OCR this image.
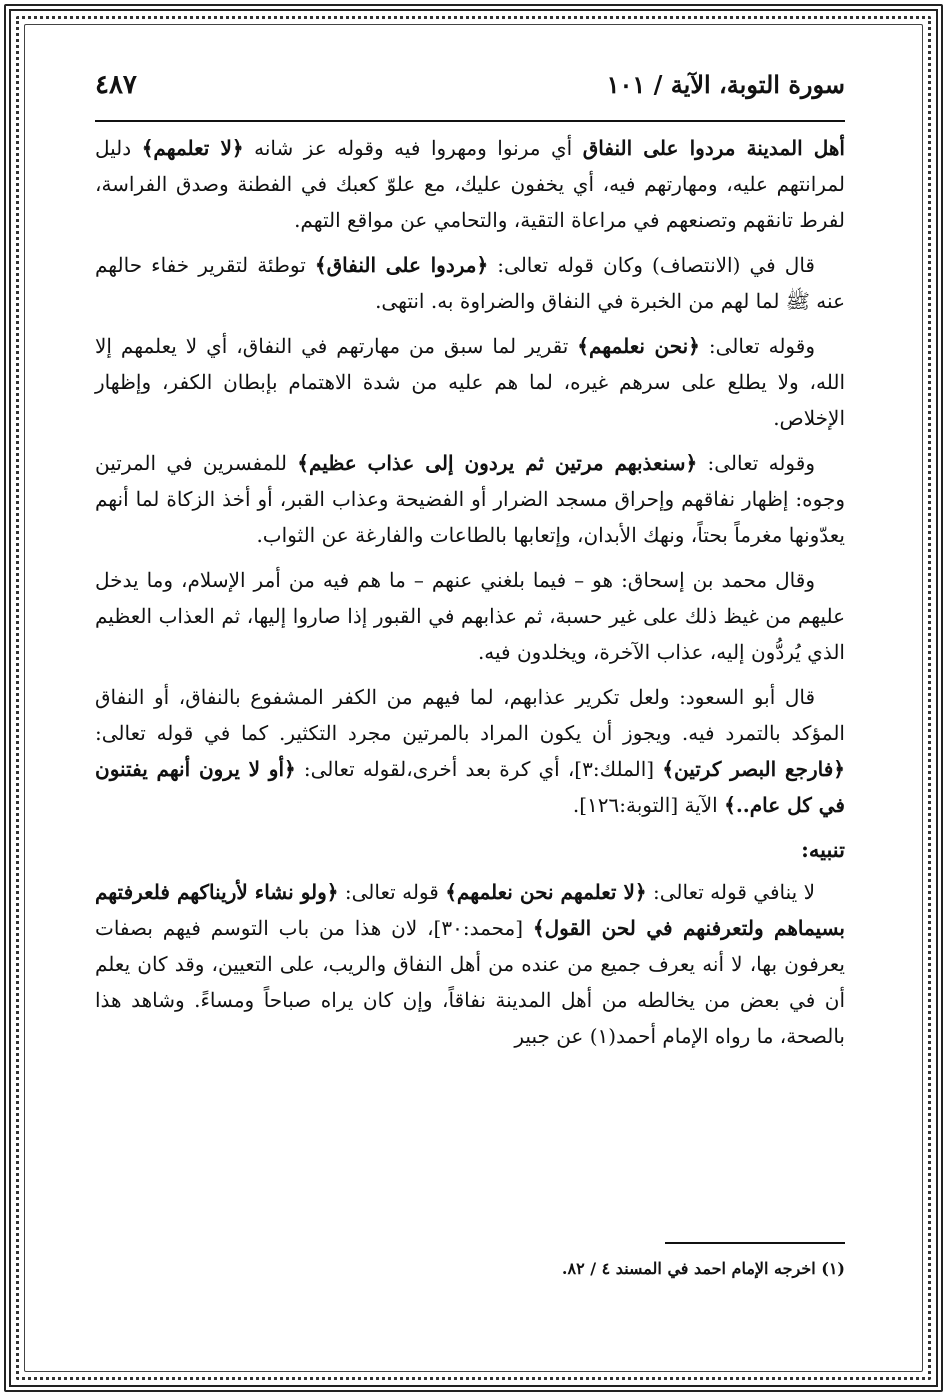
سورة التوبة، الآية / ١٠١
٤٨٧

أهل المدينة مردوا على النفاق أي مرنوا ومهروا فيه وقوله عز شانه ﴿لا تعلمهم﴾ دليل لمرانتهم عليه، ومهارتهم فيه، أي يخفون عليك، مع علوّ كعبك في الفطنة وصدق الفراسة، لفرط تانقهم وتصنعهم في مراعاة التقية، والتحامي عن مواقع التهم.

قال في (الانتصاف) وكان قوله تعالى: ﴿مردوا على النفاق﴾ توطئة لتقرير خفاء حالهم عنه ﷺ لما لهم من الخبرة في النفاق والضراوة به. انتهى.

وقوله تعالى: ﴿نحن نعلمهم﴾ تقرير لما سبق من مهارتهم في النفاق، أي لا يعلمهم إلا الله، ولا يطلع على سرهم غيره، لما هم عليه من شدة الاهتمام بإبطان الكفر، وإظهار الإخلاص.

وقوله تعالى: ﴿سنعذبهم مرتين ثم يردون إلى عذاب عظيم﴾ للمفسرين في المرتين وجوه: إظهار نفاقهم وإحراق مسجد الضرار أو الفضيحة وعذاب القبر، أو أخذ الزكاة لما أنهم يعدّونها مغرماً بحتاً، ونهك الأبدان، وإتعابها بالطاعات والفارغة عن الثواب.

وقال محمد بن إسحاق: هو – فيما بلغني عنهم – ما هم فيه من أمر الإسلام، وما يدخل عليهم من غيظ ذلك على غير حسبة، ثم عذابهم في القبور إذا صاروا إليها، ثم العذاب العظيم الذي يُردُّون إليه، عذاب الآخرة، ويخلدون فيه.

قال أبو السعود: ولعل تكرير عذابهم، لما فيهم من الكفر المشفوع بالنفاق، أو النفاق المؤكد بالتمرد فيه. ويجوز أن يكون المراد بالمرتين مجرد التكثير. كما في قوله تعالى: ﴿فارجع البصر كرتين﴾ [الملك:٣]، أي كرة بعد أخرى،لقوله تعالى: ﴿أو لا يرون أنهم يفتنون في كل عام..﴾ الآية [التوبة:١٢٦].

تنبيه:

لا ينافي قوله تعالى: ﴿لا تعلمهم نحن نعلمهم﴾ قوله تعالى: ﴿ولو نشاء لأريناكهم فلعرفتهم بسيماهم ولتعرفنهم في لحن القول﴾ [محمد:٣٠]، لان هذا من باب التوسم فيهم بصفات يعرفون بها، لا أنه يعرف جميع من عنده من أهل النفاق والريب، على التعيين، وقد كان يعلم أن في بعض من يخالطه من أهل المدينة نفاقاً، وإن كان يراه صباحاً ومساءً. وشاهد هذا بالصحة، ما رواه الإمام أحمد(١) عن جبير

(١) اخرجه الإمام احمد في المسند ٤ / ٨٢.
